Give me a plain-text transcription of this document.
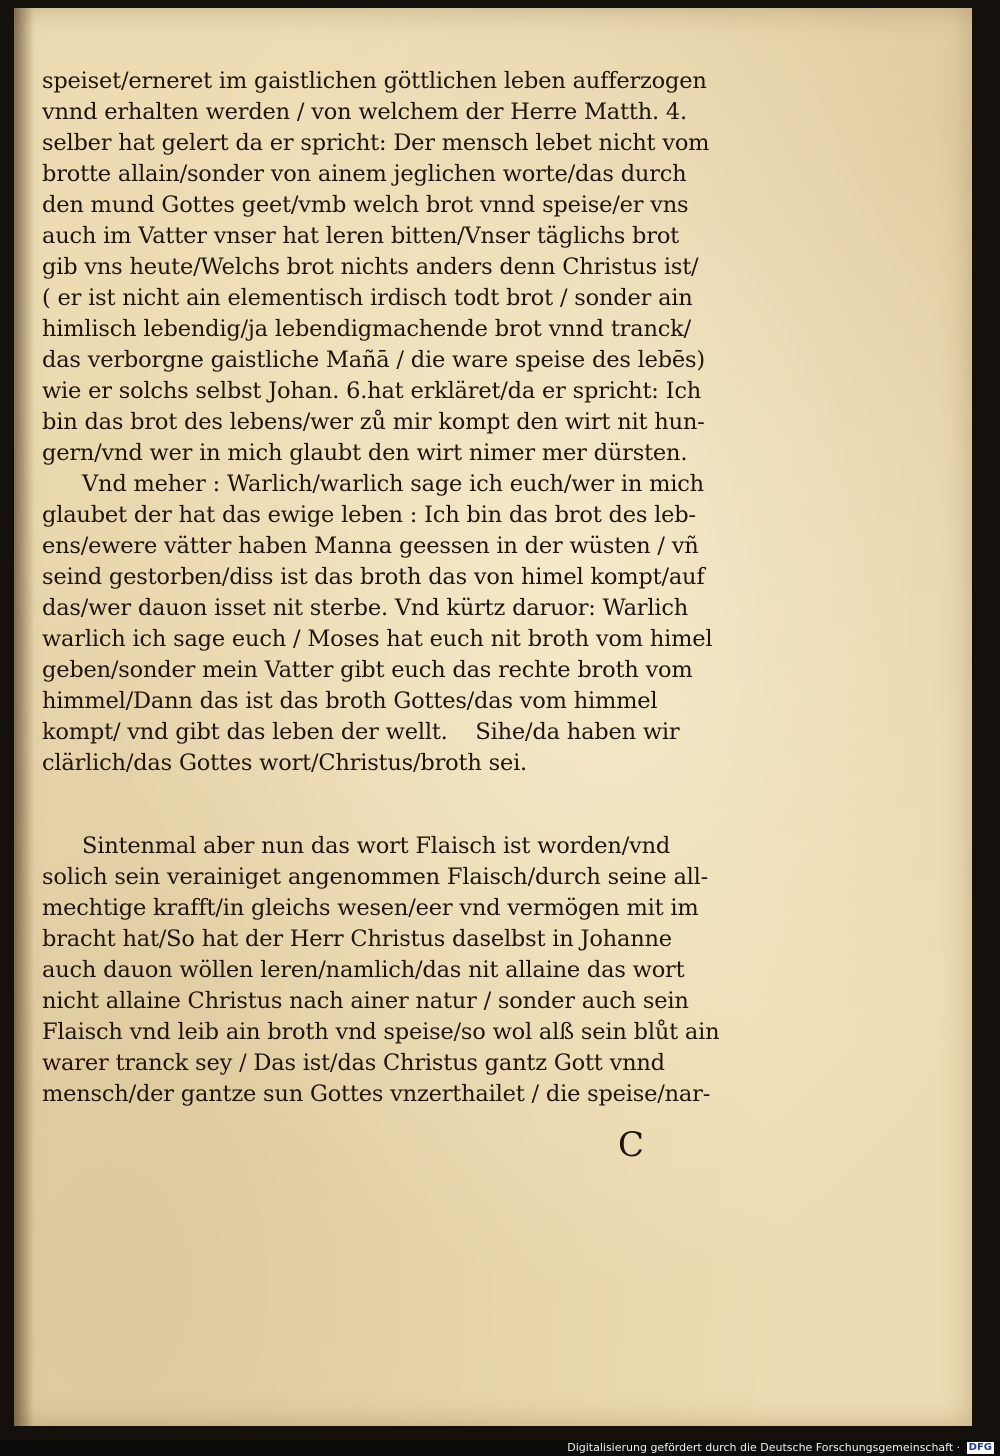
speiset/erneret im gaistlichen göttlichen leben aufferzogen
vnnd erhalten werden / von welchem der Herre Matth. 4.
selber hat gelert da er spricht: Der mensch lebet nicht vom
brotte allain/sonder von ainem jeglichen worte/das durch
den mund Gottes geet/vmb welch brot vnnd speise/er vns
auch im Vatter vnser hat leren bitten/Vnser täglichs brot
gib vns heute/Welchs brot nichts anders denn Christus ist/
( er ist nicht ain elementisch irdisch todt brot / sonder ain
himlisch lebendig/ja lebendigmachende brot vnnd tranck/
das verborgne gaistliche Mañā / die ware speise des lebēs)
wie er solchs selbst Johan. 6.hat erkläret/da er spricht: Ich
bin das brot des lebens/wer zů mir kompt den wirt nit hun-
gern/vnd wer in mich glaubt den wirt nimer mer dürsten.
Vnd meher : Warlich/warlich sage ich euch/wer in mich
glaubet der hat das ewige leben : Ich bin das brot des leb-
ens/ewere vätter haben Manna geessen in der wüsten / vñ
seind gestorben/diss ist das broth das von himel kompt/auf
das/wer dauon isset nit sterbe. Vnd kürtz daruor: Warlich
warlich ich sage euch / Moses hat euch nit broth vom himel
geben/sonder mein Vatter gibt euch das rechte broth vom
himmel/Dann das ist das broth Gottes/das vom himmel
kompt/ vnd gibt das leben der wellt.    Sihe/da haben wir
clärlich/das Gottes wort/Christus/broth sei.
Sintenmal aber nun das wort Flaisch ist worden/vnd
solich sein verainiget angenommen Flaisch/durch seine all-
mechtige krafft/in gleichs wesen/eer vnd vermögen mit im
bracht hat/So hat der Herr Christus daselbst in Johanne
auch dauon wöllen leren/namlich/das nit allaine das wort
nicht allaine Christus nach ainer natur / sonder auch sein
Flaisch vnd leib ain broth vnd speise/so wol alß sein blůt ain
warer tranck sey / Das ist/das Christus gantz Gott vnnd
mensch/der gantze sun Gottes vnzerthailet / die speise/nar-
C
Digitalisierung gefördert durch die Deutsche Forschungsgemeinschaft · DFG
